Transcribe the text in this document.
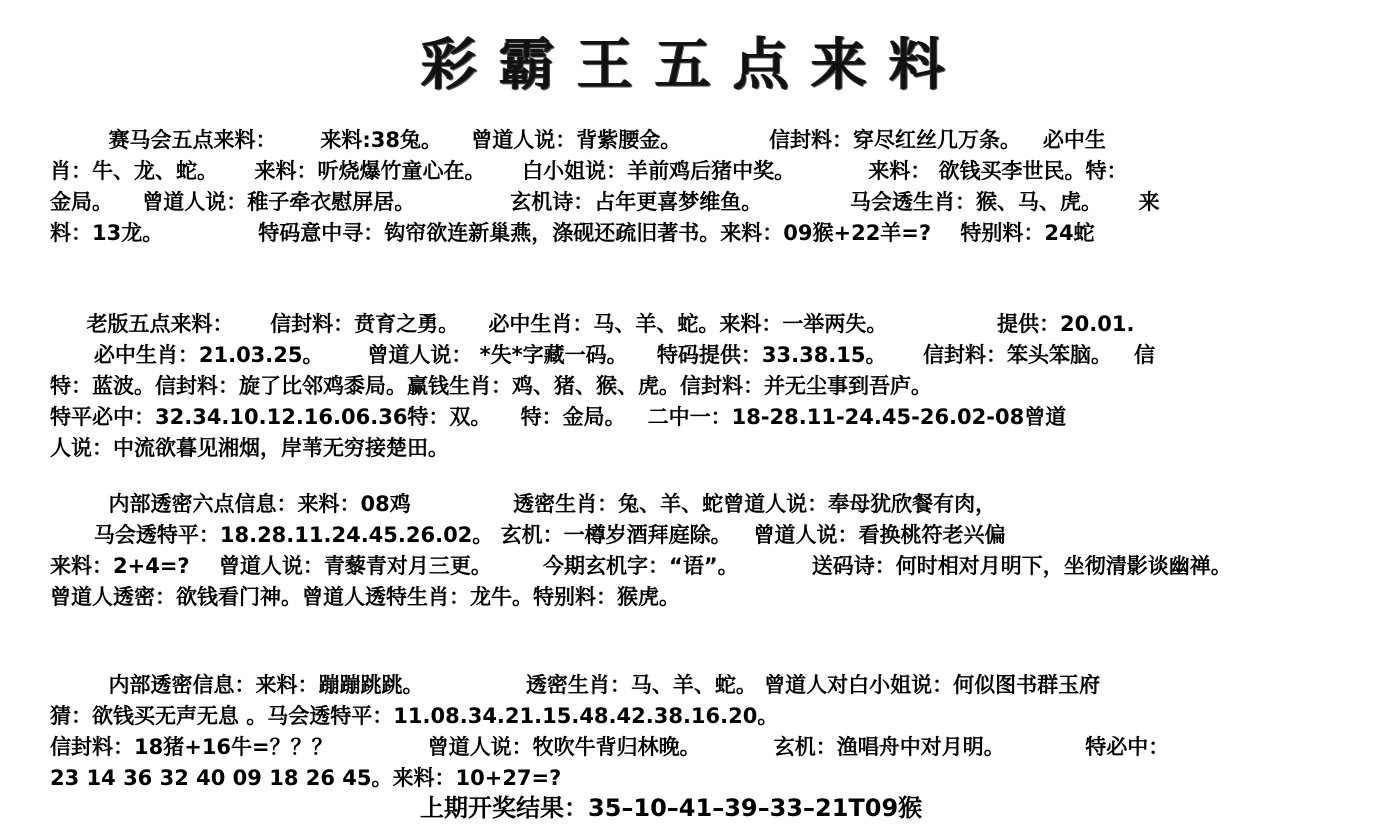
彩霸王五点来料
赛马会五点来料：      来料:38兔。    曾道人说：背紫腰金。            信封料：穿尽红丝几万条。   必中生
肖：牛、龙、蛇。     来料：听烧爆竹童心在。     白小姐说：羊前鸡后猪中奖。          来料： 欲钱买李世民。特：
金局。    曾道人说：稚子牵衣慰屏居。             玄机诗：占年更喜梦维鱼。            马会透生肖：猴、马、虎。     来
料：13龙。             特码意中寻：钩帘欲连新巢燕，涤砚还疏旧著书。来料：09猴+22羊=?    特别料：24蛇
老版五点来料：     信封料：贲育之勇。    必中生肖：马、羊、蛇。来料：一举两失。               提供：20.01.
必中生肖：21.03.25。      曾道人说： *失*字藏一码。    特码提供：33.38.15。     信封料：笨头笨脑。   信
特：蓝波。信封料：旋了比邻鸡黍局。赢钱生肖：鸡、猪、猴、虎。信封料：并无尘事到吾庐。
特平必中：32.34.10.12.16.06.36特：双。    特：金局。   二中一：18-28.11-24.45-26.02-08曾道
人说：中流欲暮见湘烟，岸苇无穷接楚田。
内部透密六点信息：来料：08鸡              透密生肖：兔、羊、蛇曾道人说：奉母犹欣餐有肉，
马会透特平：18.28.11.24.45.26.02。 玄机：一樽岁酒拜庭除。   曾道人说：看换桃符老兴偏
来料：2+4=?    曾道人说：青藜青对月三更。       今期玄机字：“语”。          送码诗：何时相对月明下，坐彻清影谈幽禅。
曾道人透密：欲钱看门神。曾道人透特生肖：龙牛。特别料：猴虎。
内部透密信息：来料：蹦蹦跳跳。              透密生肖：马、羊、蛇。 曾道人对白小姐说：何似图书群玉府
猜：欲钱买无声无息 。马会透特平：11.08.34.21.15.48.42.38.16.20。
信封料：18猪+16牛=？？？             曾道人说：牧吹牛背归林晚。          玄机：渔唱舟中对月明。           特必中：
23 14 36 32 40 09 18 26 45。来料：10+27=?
上期开奖结果：35–10–41–39–33–21T09猴
